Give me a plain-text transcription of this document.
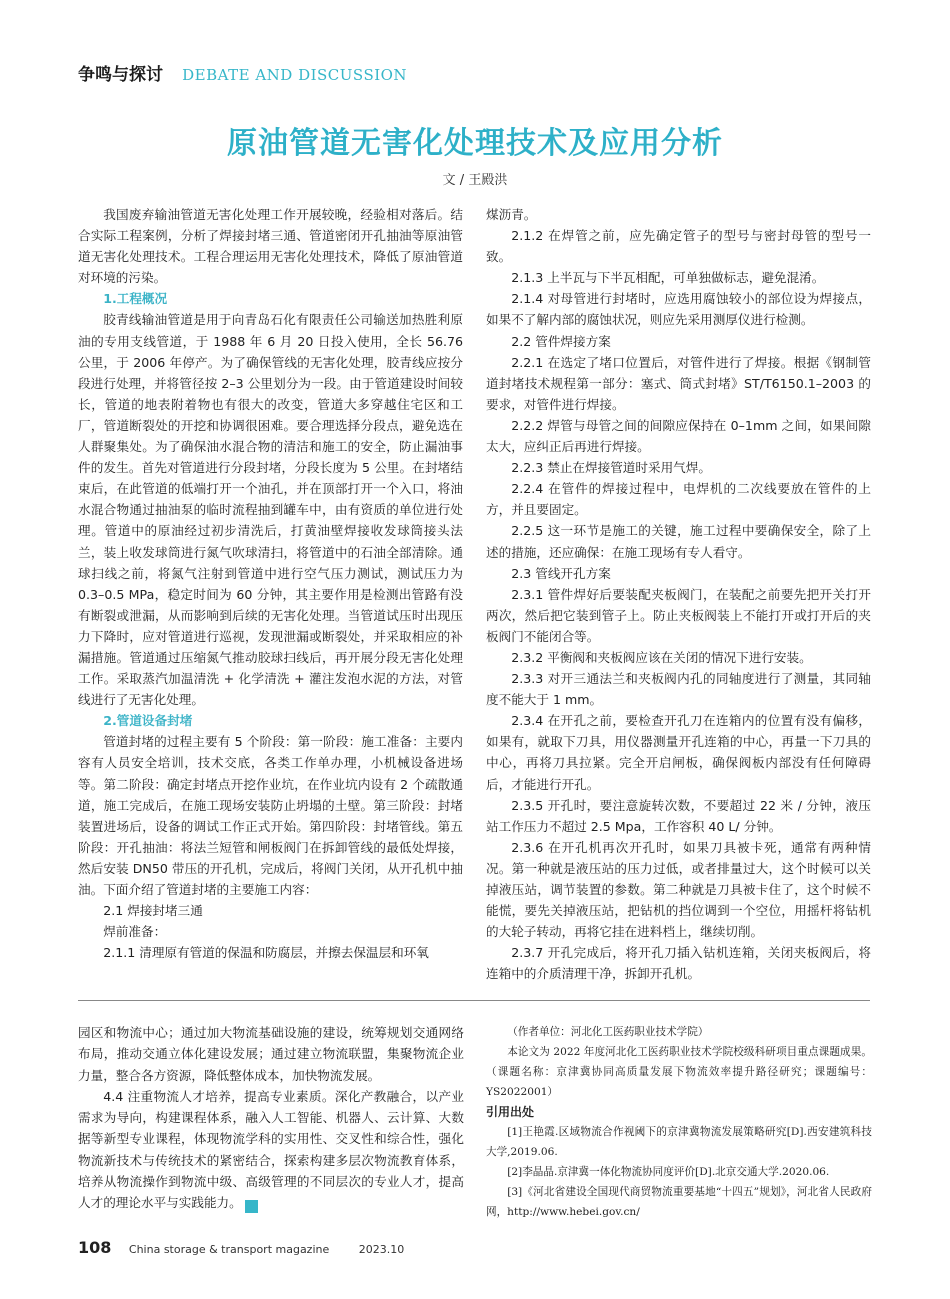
争鸣与探讨 DEBATE AND DISCUSSION
原油管道无害化处理技术及应用分析
文 / 王殿洪

我国废弃输油管道无害化处理工作开展较晚，经验相对落后。结合实际工程案例，分析了焊接封堵三通、管道密闭开孔抽油等原油管道无害化处理技术。工程合理运用无害化处理技术，降低了原油管道对环境的污染。

1.工程概况

胶青线输油管道是用于向青岛石化有限责任公司输送加热胜利原油的专用支线管道，于 1988 年 6 月 20 日投入使用，全长 56.76 公里，于 2006 年停产。为了确保管线的无害化处理，胶青线应按分段进行处理，并将管径按 2–3 公里划分为一段。由于管道建设时间较长，管道的地表附着物也有很大的改变，管道大多穿越住宅区和工厂，管道断裂处的开挖和协调很困难。要合理选择分段点，避免选在人群聚集处。为了确保油水混合物的清洁和施工的安全，防止漏油事件的发生。首先对管道进行分段封堵，分段长度为 5 公里。在封堵结束后，在此管道的低端打开一个油孔，并在顶部打开一个入口，将油水混合物通过抽油泵的临时流程抽到罐车中，由有资质的单位进行处理。管道中的原油经过初步清洗后，打黄油壁焊接收发球筒接头法兰，装上收发球筒进行氮气吹球清扫，将管道中的石油全部清除。通球扫线之前，将氮气注射到管道中进行空气压力测试，测试压力为 0.3–0.5 MPa，稳定时间为 60 分钟，其主要作用是检测出管路有没有断裂或泄漏，从而影响到后续的无害化处理。当管道试压时出现压力下降时，应对管道进行巡视，发现泄漏或断裂处，并采取相应的补漏措施。管道通过压缩氮气推动胶球扫线后，再开展分段无害化处理工作。采取蒸汽加温清洗 + 化学清洗 + 灌注发泡水泥的方法，对管线进行了无害化处理。

2.管道设备封堵

管道封堵的过程主要有 5 个阶段：第一阶段：施工准备：主要内容有人员安全培训，技术交底，各类工作单办理，小机械设备进场等。第二阶段：确定封堵点开挖作业坑，在作业坑内设有 2 个疏散通道，施工完成后，在施工现场安装防止坍塌的土壁。第三阶段：封堵装置进场后，设备的调试工作正式开始。第四阶段：封堵管线。第五阶段：开孔抽油：将法兰短管和闸板阀门在拆卸管线的最低处焊接，然后安装 DN50 带压的开孔机，完成后，将阀门关闭，从开孔机中抽油。下面介绍了管道封堵的主要施工内容：

2.1 焊接封堵三通

焊前准备：

2.1.1 清理原有管道的保温和防腐层，并擦去保温层和环氧

煤沥青。

2.1.2 在焊管之前，应先确定管子的型号与密封母管的型号一致。

2.1.3 上半瓦与下半瓦相配，可单独做标志，避免混淆。

2.1.4 对母管进行封堵时，应选用腐蚀较小的部位设为焊接点，如果不了解内部的腐蚀状况，则应先采用测厚仪进行检测。

2.2 管件焊接方案

2.2.1 在选定了堵口位置后，对管件进行了焊接。根据《钢制管道封堵技术规程第一部分：塞式、筒式封堵》ST/T6150.1–2003 的要求，对管件进行焊接。

2.2.2 焊管与母管之间的间隙应保持在 0–1mm 之间，如果间隙太大，应纠正后再进行焊接。

2.2.3 禁止在焊接管道时采用气焊。

2.2.4 在管件的焊接过程中，电焊机的二次线要放在管件的上方，并且要固定。

2.2.5 这一环节是施工的关键，施工过程中要确保安全，除了上述的措施，还应确保：在施工现场有专人看守。

2.3 管线开孔方案

2.3.1 管件焊好后要装配夹板阀门，在装配之前要先把开关打开两次，然后把它装到管子上。防止夹板阀装上不能打开或打开后的夹板阀门不能闭合等。

2.3.2 平衡阀和夹板阀应该在关闭的情况下进行安装。

2.3.3 对开三通法兰和夹板阀内孔的同轴度进行了测量，其同轴度不能大于 1 mm。

2.3.4 在开孔之前，要检查开孔刀在连箱内的位置有没有偏移，如果有，就取下刀具，用仪器测量开孔连箱的中心，再量一下刀具的中心，再将刀具拉紧。完全开启闸板，确保阀板内部没有任何障碍后，才能进行开孔。

2.3.5 开孔时，要注意旋转次数，不要超过 22 米 / 分钟，液压站工作压力不超过 2.5 Mpa，工作容积 40 L/ 分钟。

2.3.6 在开孔机再次开孔时，如果刀具被卡死，通常有两种情况。第一种就是液压站的压力过低，或者排量过大，这个时候可以关掉液压站，调节装置的参数。第二种就是刀具被卡住了，这个时候不能慌，要先关掉液压站，把钻机的挡位调到一个空位，用摇杆将钻机的大轮子转动，再将它挂在进料档上，继续切削。

2.3.7 开孔完成后，将开孔刀插入钻机连箱，关闭夹板阀后，将连箱中的介质清理干净，拆卸开孔机。

园区和物流中心；通过加大物流基础设施的建设，统筹规划交通网络布局，推动交通立体化建设发展；通过建立物流联盟，集聚物流企业力量，整合各方资源，降低整体成本，加快物流发展。

4.4 注重物流人才培养，提高专业素质。深化产教融合，以产业需求为导向，构建课程体系，融入人工智能、机器人、云计算、大数据等新型专业课程，体现物流学科的实用性、交叉性和综合性，强化物流新技术与传统技术的紧密结合，探索构建多层次物流教育体系，培养从物流操作到物流中级、高级管理的不同层次的专业人才，提高人才的理论水平与实践能力。	C

（作者单位：河北化工医药职业技术学院）

本论文为 2022 年度河北化工医药职业技术学院校级科研项目重点课题成果。（课题名称：京津冀协同高质量发展下物流效率提升路径研究；课题编号：YS2022001）

引用出处

[1]王艳霞.区域物流合作视阈下的京津冀物流发展策略研究[D].西安建筑科技大学,2019.06.

[2]李晶晶.京津冀一体化物流协同度评价[D].北京交通大学.2020.06.

[3]《河北省建设全国现代商贸物流重要基地“十四五”规划》，河北省人民政府网，http://www.hebei.gov.cn/

108 China storage & transport magazine	2023.10
